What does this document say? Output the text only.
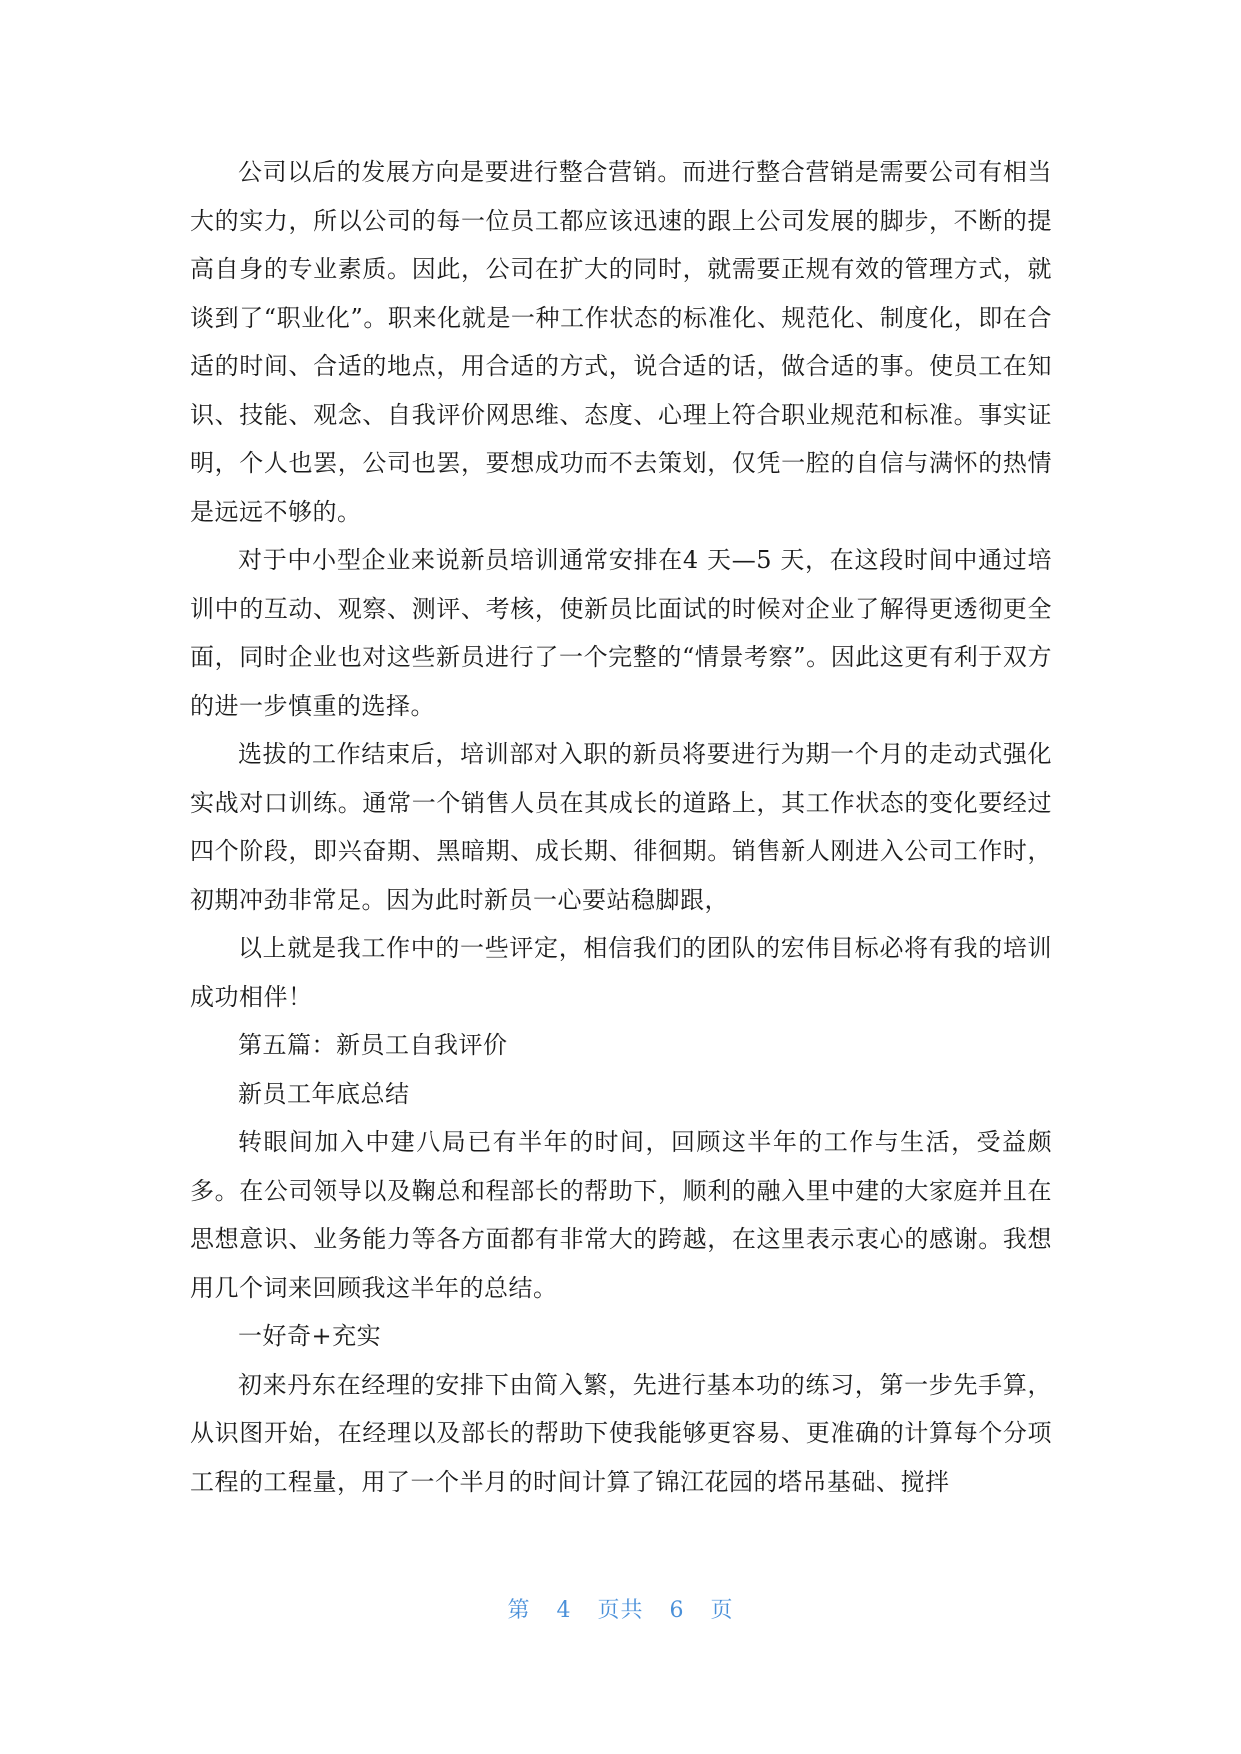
公司以后的发展方向是要进行整合营销。而进行整合营销是需要公司有相当大的实力，所以公司的每一位员工都应该迅速的跟上公司发展的脚步，不断的提高自身的专业素质。因此，公司在扩大的同时，就需要正规有效的管理方式，就谈到了“职业化”。职来化就是一种工作状态的标准化、规范化、制度化，即在合适的时间、合适的地点，用合适的方式，说合适的话，做合适的事。使员工在知识、技能、观念、自我评价网思维、态度、心理上符合职业规范和标准。事实证明，个人也罢，公司也罢，要想成功而不去策划，仅凭一腔的自信与满怀的热情是远远不够的。

对于中小型企业来说新员培训通常安排在4 天—5 天，在这段时间中通过培训中的互动、观察、测评、考核，使新员比面试的时候对企业了解得更透彻更全面，同时企业也对这些新员进行了一个完整的“情景考察”。因此这更有利于双方的进一步慎重的选择。

选拔的工作结束后，培训部对入职的新员将要进行为期一个月的走动式强化实战对口训练。通常一个销售人员在其成长的道路上，其工作状态的变化要经过四个阶段，即兴奋期、黑暗期、成长期、徘徊期。销售新人刚进入公司工作时，初期冲劲非常足。因为此时新员一心要站稳脚跟，

以上就是我工作中的一些评定，相信我们的团队的宏伟目标必将有我的培训成功相伴！

第五篇：新员工自我评价

新员工年底总结

转眼间加入中建八局已有半年的时间，回顾这半年的工作与生活，受益颇多。在公司领导以及鞠总和程部长的帮助下，顺利的融入里中建的大家庭并且在思想意识、业务能力等各方面都有非常大的跨越，在这里表示衷心的感谢。我想用几个词来回顾我这半年的总结。

一好奇+充实

初来丹东在经理的安排下由简入繁，先进行基本功的练习，第一步先手算，从识图开始，在经理以及部长的帮助下使我能够更容易、更准确的计算每个分项工程的工程量，用了一个半月的时间计算了锦江花园的塔吊基础、搅拌

第 4 页共 6 页
